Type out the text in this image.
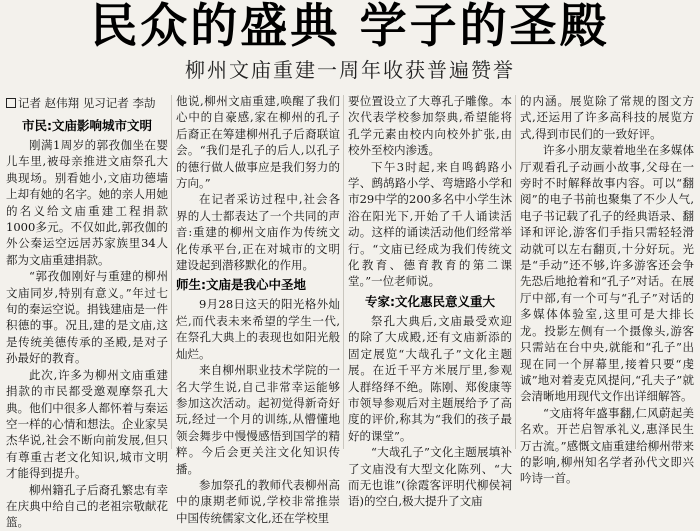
民众的盛典 学子的圣殿
柳州文庙重建一周年收获普遍赞誉
记者 赵伟翔 见习记者 李劼
市民:文庙影响城市文明

刚满1周岁的郭孜伽坐在婴儿车里,被母亲推进文庙祭孔大典现场。别看她小,文庙功德墙上却有她的名字。她的亲人用她的名义给文庙重建工程捐款1000多元。不仅如此,郭孜伽的外公秦运空远居苏家族里34人都为文庙重建捐款。

“郭孜伽刚好与重建的柳州文庙同岁,特别有意义。”年过七旬的秦运空说。捐钱建庙是一件积德的事。况且,建的是文庙,这是传统美德传承的圣殿,是对子孙最好的教育。

此次,许多为柳州文庙重建捐款的市民都受邀观摩祭孔大典。他们中很多人都怀着与秦运空一样的心情和想法。企业家吴杰华说,社会不断向前发展,但只有尊重古老文化知识,城市文明才能得到提升。

柳州籍孔子后裔孔繁忠有幸在庆典中给自己的老祖宗敬献花篮。

他说,柳州文庙重建,唤醒了我们心中的自豪感,家在柳州的孔子后裔正在筹建柳州孔子后裔联谊会。“我们是孔子的后人,以孔子的德行做人做事应是我们努力的方向。”

在记者采访过程中,社会各界的人士都表达了一个共同的声音:重建的柳州文庙作为传统文化传承平台,正在对城市的文明建设起到潜移默化的作用。

师生:文庙是我心中圣地

9月28日这天的阳光格外灿烂,而代表未来希望的学生一代,在祭孔大典上的表现也如阳光般灿烂。

来自柳州职业技术学院的一名大学生说,自己非常幸运能够参加这次活动。起初觉得新奇好玩,经过一个月的训练,从懵懂地领会舞步中慢慢感悟到国学的精粹。今后会更关注文化知识传播。

参加祭孔的教师代表柳州高中的康期老师说,学校非常推崇中国传统儒家文化,还在学校里

要位置设立了大尊孔子雕像。本次代表学校参加祭典,希望能将孔学元素由校内向校外扩张,由校外至校内渗透。

下午3时起,来自鸣鹤路小学、鹧鸪路小学、弯塘路小学和市29中学的200多名中小学生沐浴在阳光下,开始了千人诵读活动。这样的诵读活动他们经常举行。“文庙已经成为我们传统文化教育、德育教育的第二课堂。”一位老师说。

专家:文化惠民意义重大

祭孔大典后,文庙最受欢迎的除了大成殿,还有文庙新添的固定展览“大哉孔子”文化主题展。在近千平方米展厅里,参观人群络绎不绝。陈刚、郑俊康等市领导参观后对主题展给予了高度的评价,称其为“我们的孩子最好的课堂”。

“大哉孔子”文化主题展填补了文庙没有大型文化陈列、“大而无也谁”(徐霞客评明代柳侯祠语)的空白,极大提升了文庙

的内涵。展览除了常规的图文方式,还运用了许多高科技的展览方式,得到市民们的一致好评。

许多小朋友蒙着地坐在多媒体厅观看孔子动画小故事,父母在一旁时不时解释故事内容。可以“翻阅”的电子书前也聚集了不少人气,电子书记载了孔子的经典语录、翻译和评论,游客们手指只需轻轻滑动就可以左右翻页,十分好玩。光是“手动”还不够,许多游客还会争先恐后地抢着和“孔子”对话。在展厅中部,有一个可与“孔子”对话的多媒体体验室,这里可是大排长龙。投影左侧有一个摄像头,游客只需站在台中央,就能和“孔子”出现在同一个屏幕里,接着只要“虔诚”地对着麦克风提问,“孔夫子”就会清晰地用现代文作出详细解答。

“文庙将年盛事翻,仁风蔚起美名欢。开芒启智承礼义,惠泽民生万古流。”感慨文庙重建给柳州带来的影响,柳州知名学者孙代文即兴吟诗一首。
